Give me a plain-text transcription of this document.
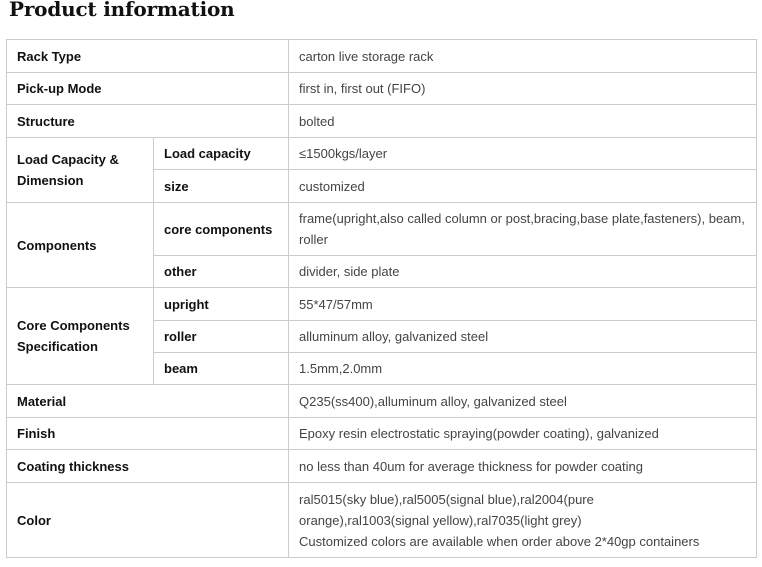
Product information
Rack Type		carton live storage rack
Pick-up Mode		first in, first out (FIFO)
Structure		bolted
Load Capacity & Dimension	Load capacity	≤1500kgs/layer
	size	customized
Components	core components	frame(upright,also called column or post,bracing,base plate,fasteners), beam, roller
	other	divider, side plate
Core Components Specification	upright	55*47/57mm
	roller	alluminum alloy, galvanized steel
	beam	1.5mm,2.0mm
Material		Q235(ss400),alluminum alloy, galvanized steel
Finish		Epoxy resin electrostatic spraying(powder coating), galvanized
Coating thickness		no less than 40um for average thickness for powder coating
Color		ral5015(sky blue),ral5005(signal blue),ral2004(pure
orange),ral1003(signal yellow),ral7035(light grey)
Customized colors are available when order above 2*40gp containers
